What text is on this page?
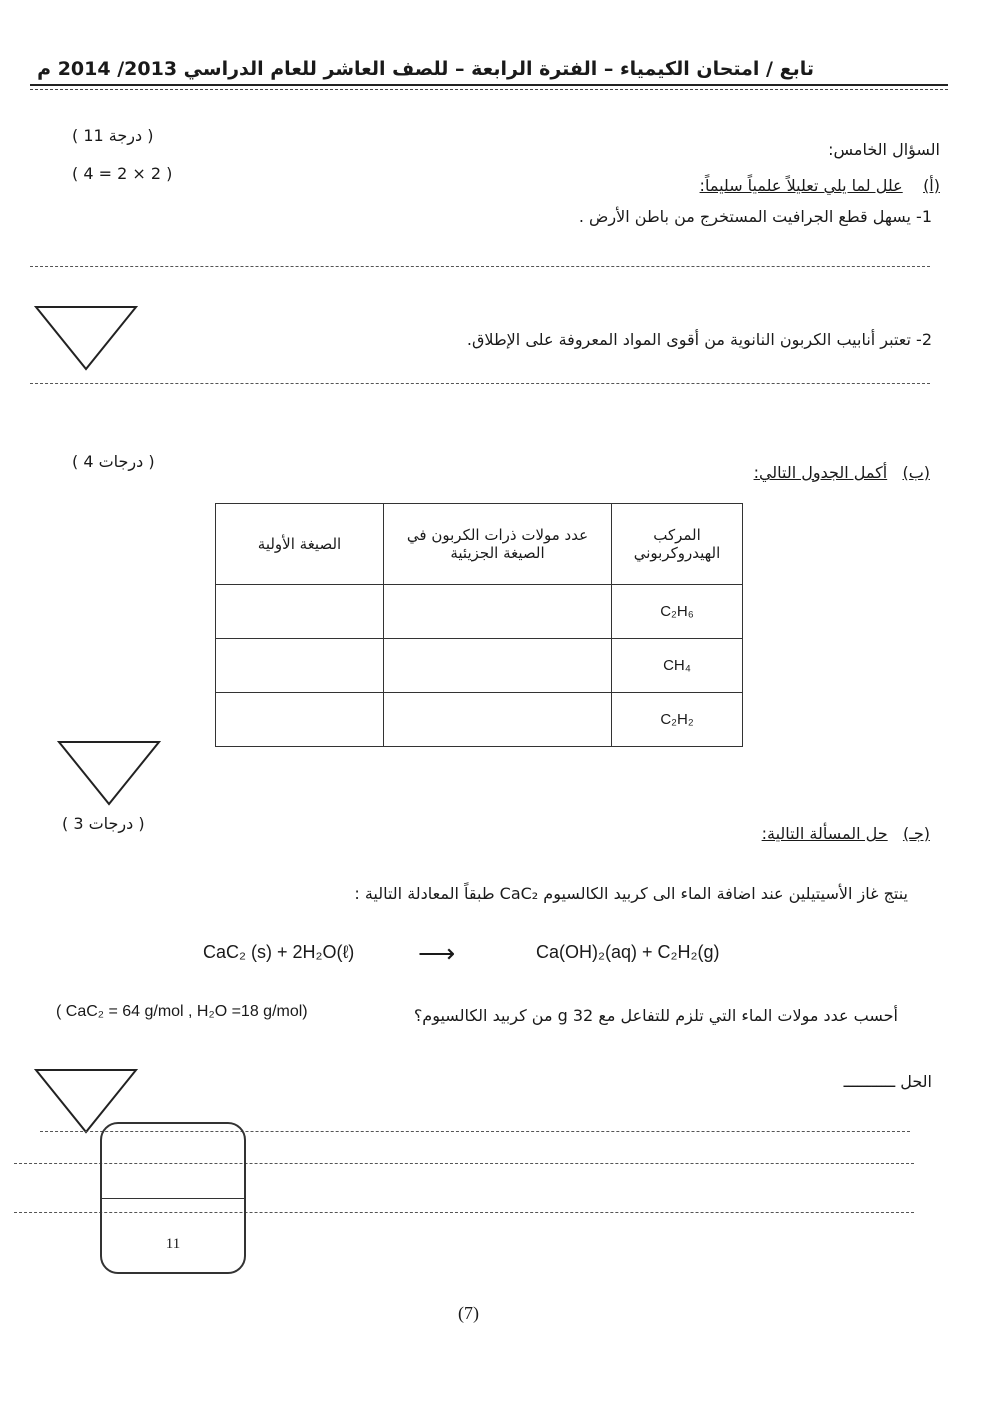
تابع / امتحان الكيمياء – الفترة الرابعة – للصف العاشر للعام الدراسي 2013/ 2014 م
السؤال الخامس:
( 11 درجة )
( 4 = 2 × 2 )
(أ)    علل لما يلي تعليلاً علمياً سليماً:
1- يسهل قطع الجرافيت المستخرج من باطن الأرض .
2- تعتبر أنابيب الكربون النانوية من أقوى المواد المعروفة على الإطلاق.
( 4 درجات )
(ب)   أكمل الجدول التالي:
المركب الهيدروكربوني	عدد مولات ذرات الكربون في الصيغة الجزيئية	الصيغة الأولية
C₂H₆		
CH₄		
C₂H₂		
( 3 درجات )
(جـ)   حل المسألة التالية:
ينتج غاز الأسيتيلين عند اضافة الماء الى كربيد الكالسيوم CaC₂ طبقاً المعادلة التالية :
CaC₂ (s) + 2H₂O(ℓ) ⟶	Ca(OH)₂(aq) + C₂H₂(g)
أحسب عدد مولات الماء التي تلزم للتفاعل مع 32 g من كربيد الكالسيوم؟
( CaC₂ = 64 g/mol , H₂O =18 g/mol)
الحل ـــــــــــ
11
(7)
